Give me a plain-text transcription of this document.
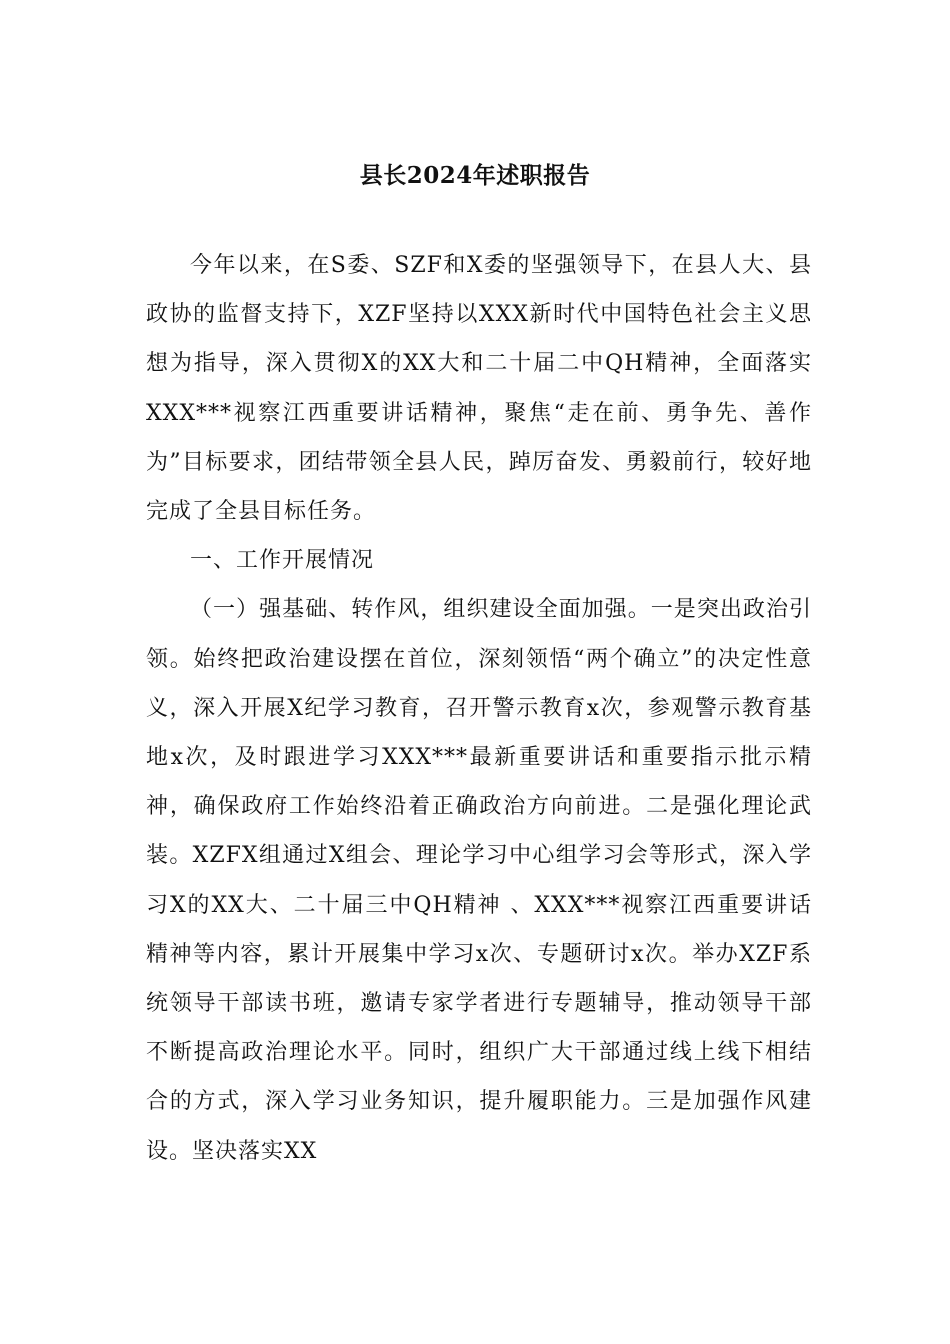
县长2024年述职报告

今年以来，在S委、SZF和X委的坚强领导下，在县人大、县政协的监督支持下，XZF坚持以XXX新时代中国特色社会主义思想为指导，深入贯彻X的XX大和二十届二中QH精神，全面落实XXX***视察江西重要讲话精神，聚焦“走在前、勇争先、善作为”目标要求，团结带领全县人民，踔厉奋发、勇毅前行，较好地完成了全县目标任务。

一、工作开展情况

（一）强基础、转作风，组织建设全面加强。一是突出政治引领。始终把政治建设摆在首位，深刻领悟“两个确立”的决定性意义，深入开展X纪学习教育，召开警示教育x次，参观警示教育基地x次，及时跟进学习XXX***最新重要讲话和重要指示批示精神，确保政府工作始终沿着正确政治方向前进。二是强化理论武装。XZFX组通过X组会、理论学习中心组学习会等形式，深入学习X的XX大、二十届三中QH精神 、XXX***视察江西重要讲话精神等内容，累计开展集中学习x次、专题研讨x次。举办XZF系统领导干部读书班，邀请专家学者进行专题辅导，推动领导干部不断提高政治理论水平。同时，组织广大干部通过线上线下相结合的方式，深入学习业务知识，提升履职能力。三是加强作风建设。坚决落实XX
